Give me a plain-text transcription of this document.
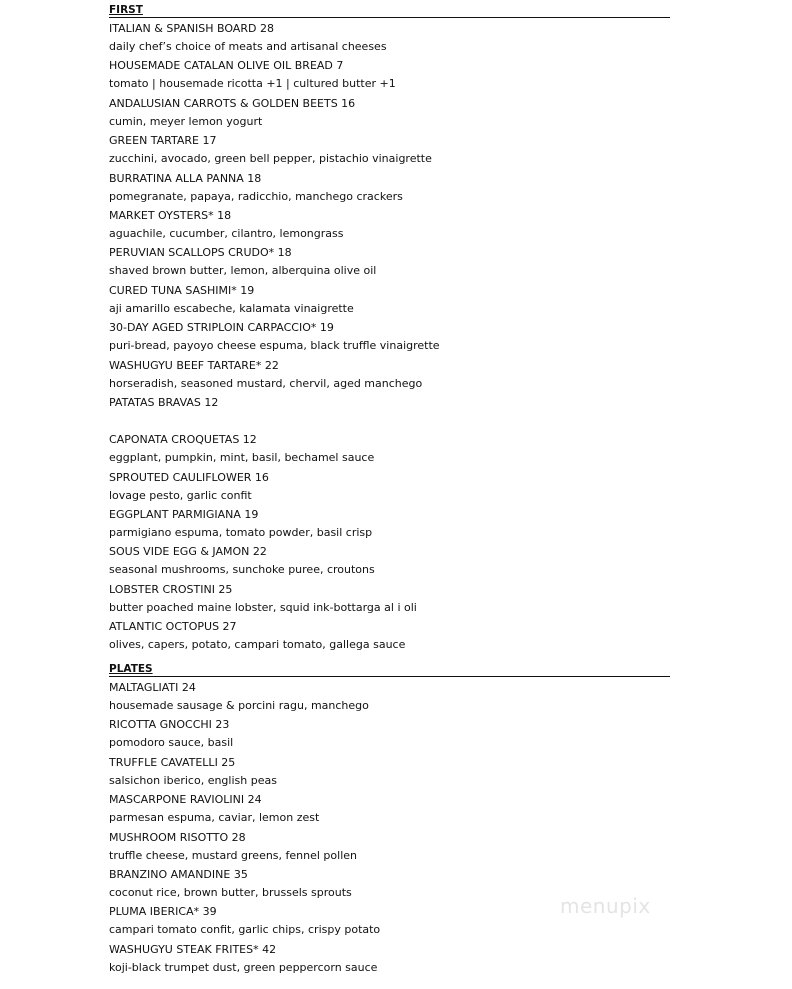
FIRST
ITALIAN & SPANISH BOARD 28
daily chef’s choice of meats and artisanal cheeses
HOUSEMADE CATALAN OLIVE OIL BREAD 7
tomato | housemade ricotta +1 | cultured butter +1
ANDALUSIAN CARROTS & GOLDEN BEETS 16
cumin, meyer lemon yogurt
GREEN TARTARE 17
zucchini, avocado, green bell pepper, pistachio vinaigrette
BURRATINA ALLA PANNA 18
pomegranate, papaya, radicchio, manchego crackers
MARKET OYSTERS* 18
aguachile, cucumber, cilantro, lemongrass
PERUVIAN SCALLOPS CRUDO* 18
shaved brown butter, lemon, alberquina olive oil
CURED TUNA SASHIMI* 19
aji amarillo escabeche, kalamata vinaigrette
30-DAY AGED STRIPLOIN CARPACCIO* 19
puri-bread, payoyo cheese espuma, black truffle vinaigrette
WASHUGYU BEEF TARTARE* 22
horseradish, seasoned mustard, chervil, aged manchego
PATATAS BRAVAS 12
CAPONATA CROQUETAS 12
eggplant, pumpkin, mint, basil, bechamel sauce
SPROUTED CAULIFLOWER 16
lovage pesto, garlic confit
EGGPLANT PARMIGIANA 19
parmigiano espuma, tomato powder, basil crisp
SOUS VIDE EGG & JAMON 22
seasonal mushrooms, sunchoke puree, croutons
LOBSTER CROSTINI 25
butter poached maine lobster, squid ink-bottarga al i oli
ATLANTIC OCTOPUS 27
olives, capers, potato, campari tomato, gallega sauce
PLATES
MALTAGLIATI 24
housemade sausage & porcini ragu, manchego
RICOTTA GNOCCHI 23
pomodoro sauce, basil
TRUFFLE CAVATELLI 25
salsichon iberico, english peas
MASCARPONE RAVIOLINI 24
parmesan espuma, caviar, lemon zest
MUSHROOM RISOTTO 28
truffle cheese, mustard greens, fennel pollen
BRANZINO AMANDINE 35
coconut rice, brown butter, brussels sprouts
PLUMA IBERICA* 39
campari tomato confit, garlic chips, crispy potato
WASHUGYU STEAK FRITES* 42
koji-black trumpet dust, green peppercorn sauce
menupix
